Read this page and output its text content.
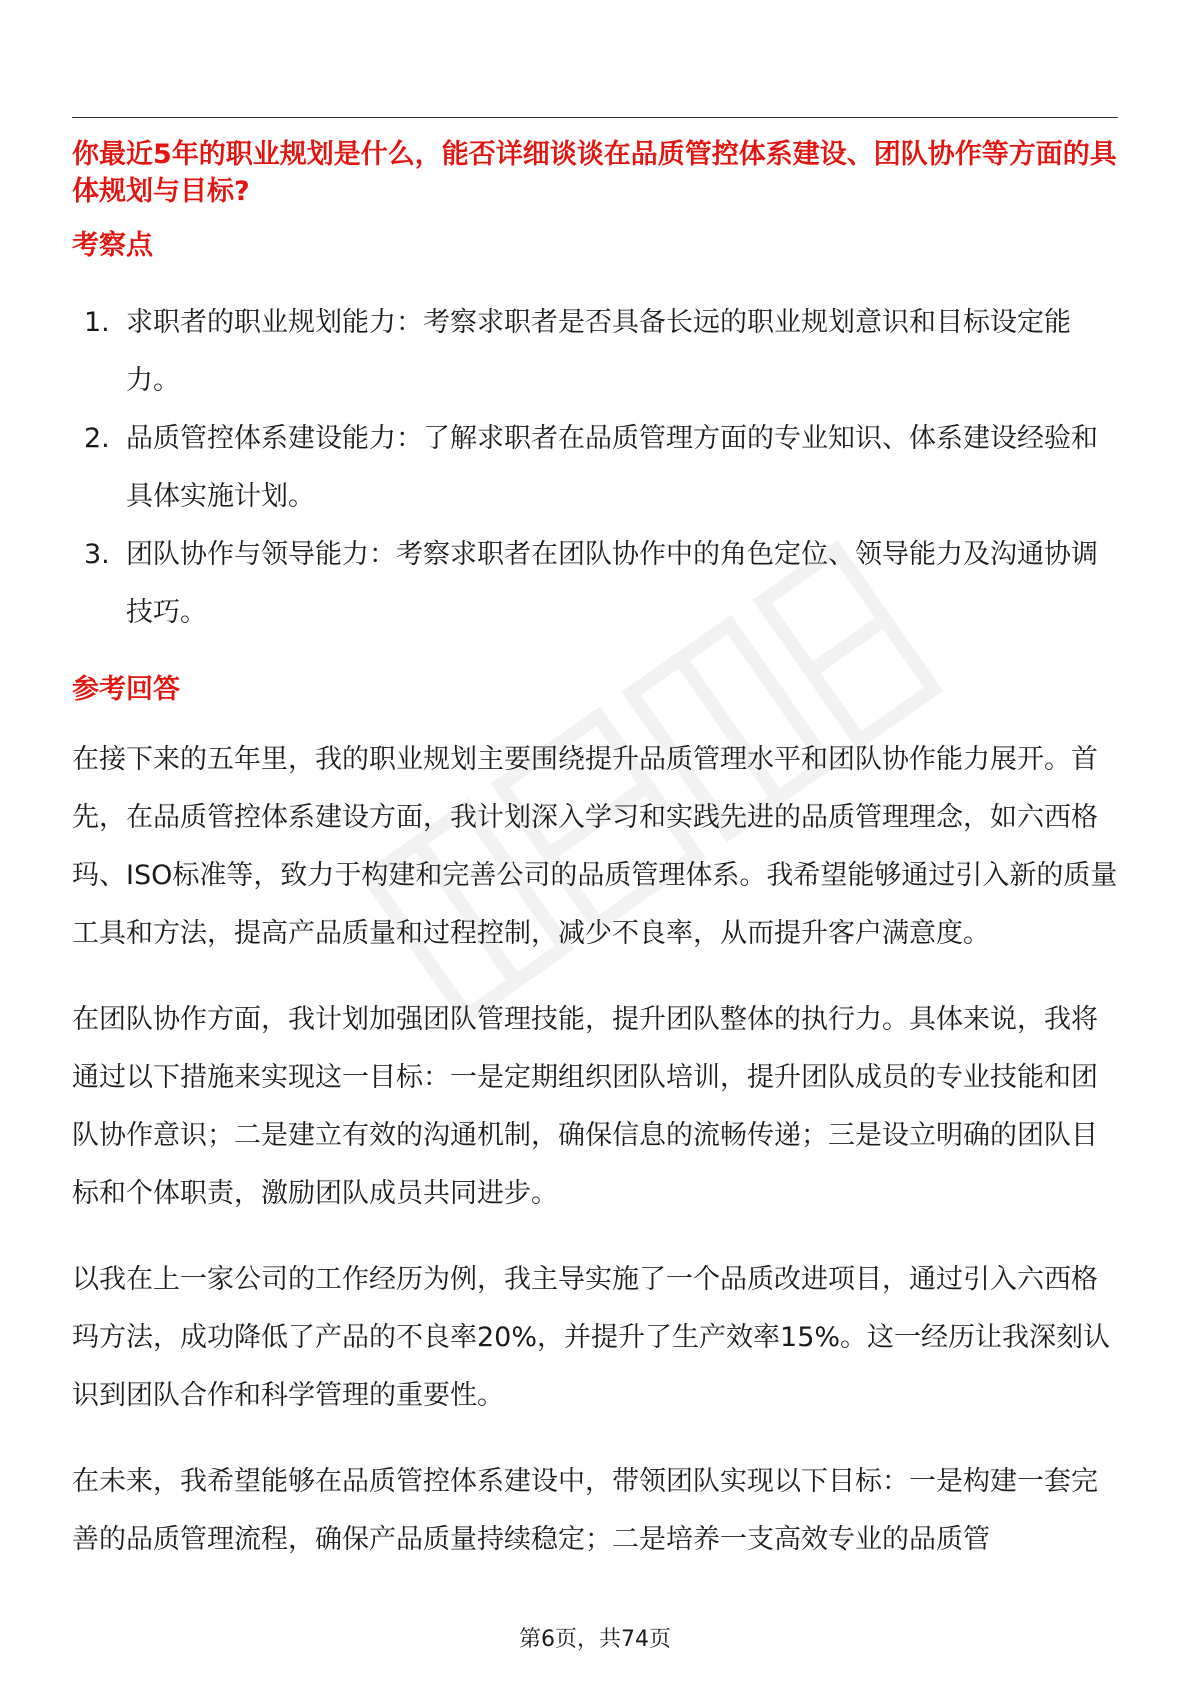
你最近5年的职业规划是什么，能否详细谈谈在品质管控体系建设、团队协作等方面的具体规划与目标?

考察点
1. 求职者的职业规划能力：考察求职者是否具备长远的职业规划意识和目标设定能力。
2. 品质管控体系建设能力：了解求职者在品质管理方面的专业知识、体系建设经验和具体实施计划。
3. 团队协作与领导能力：考察求职者在团队协作中的角色定位、领导能力及沟通协调技巧。
参考回答

在接下来的五年里，我的职业规划主要围绕提升品质管理水平和团队协作能力展开。首先，在品质管控体系建设方面，我计划深入学习和实践先进的品质管理理念，如六西格玛、ISO标准等，致力于构建和完善公司的品质管理体系。我希望能够通过引入新的质量工具和方法，提高产品质量和过程控制，减少不良率，从而提升客户满意度。

在团队协作方面，我计划加强团队管理技能，提升团队整体的执行力。具体来说，我将通过以下措施来实现这一目标：一是定期组织团队培训，提升团队成员的专业技能和团队协作意识；二是建立有效的沟通机制，确保信息的流畅传递；三是设立明确的团队目标和个体职责，激励团队成员共同进步。

以我在上一家公司的工作经历为例，我主导实施了一个品质改进项目，通过引入六西格玛方法，成功降低了产品的不良率20%，并提升了生产效率15%。这一经历让我深刻认识到团队合作和科学管理的重要性。

在未来，我希望能够在品质管控体系建设中，带领团队实现以下目标：一是构建一套完善的品质管理流程，确保产品质量持续稳定；二是培养一支高效专业的品质管

第6页，共74页
